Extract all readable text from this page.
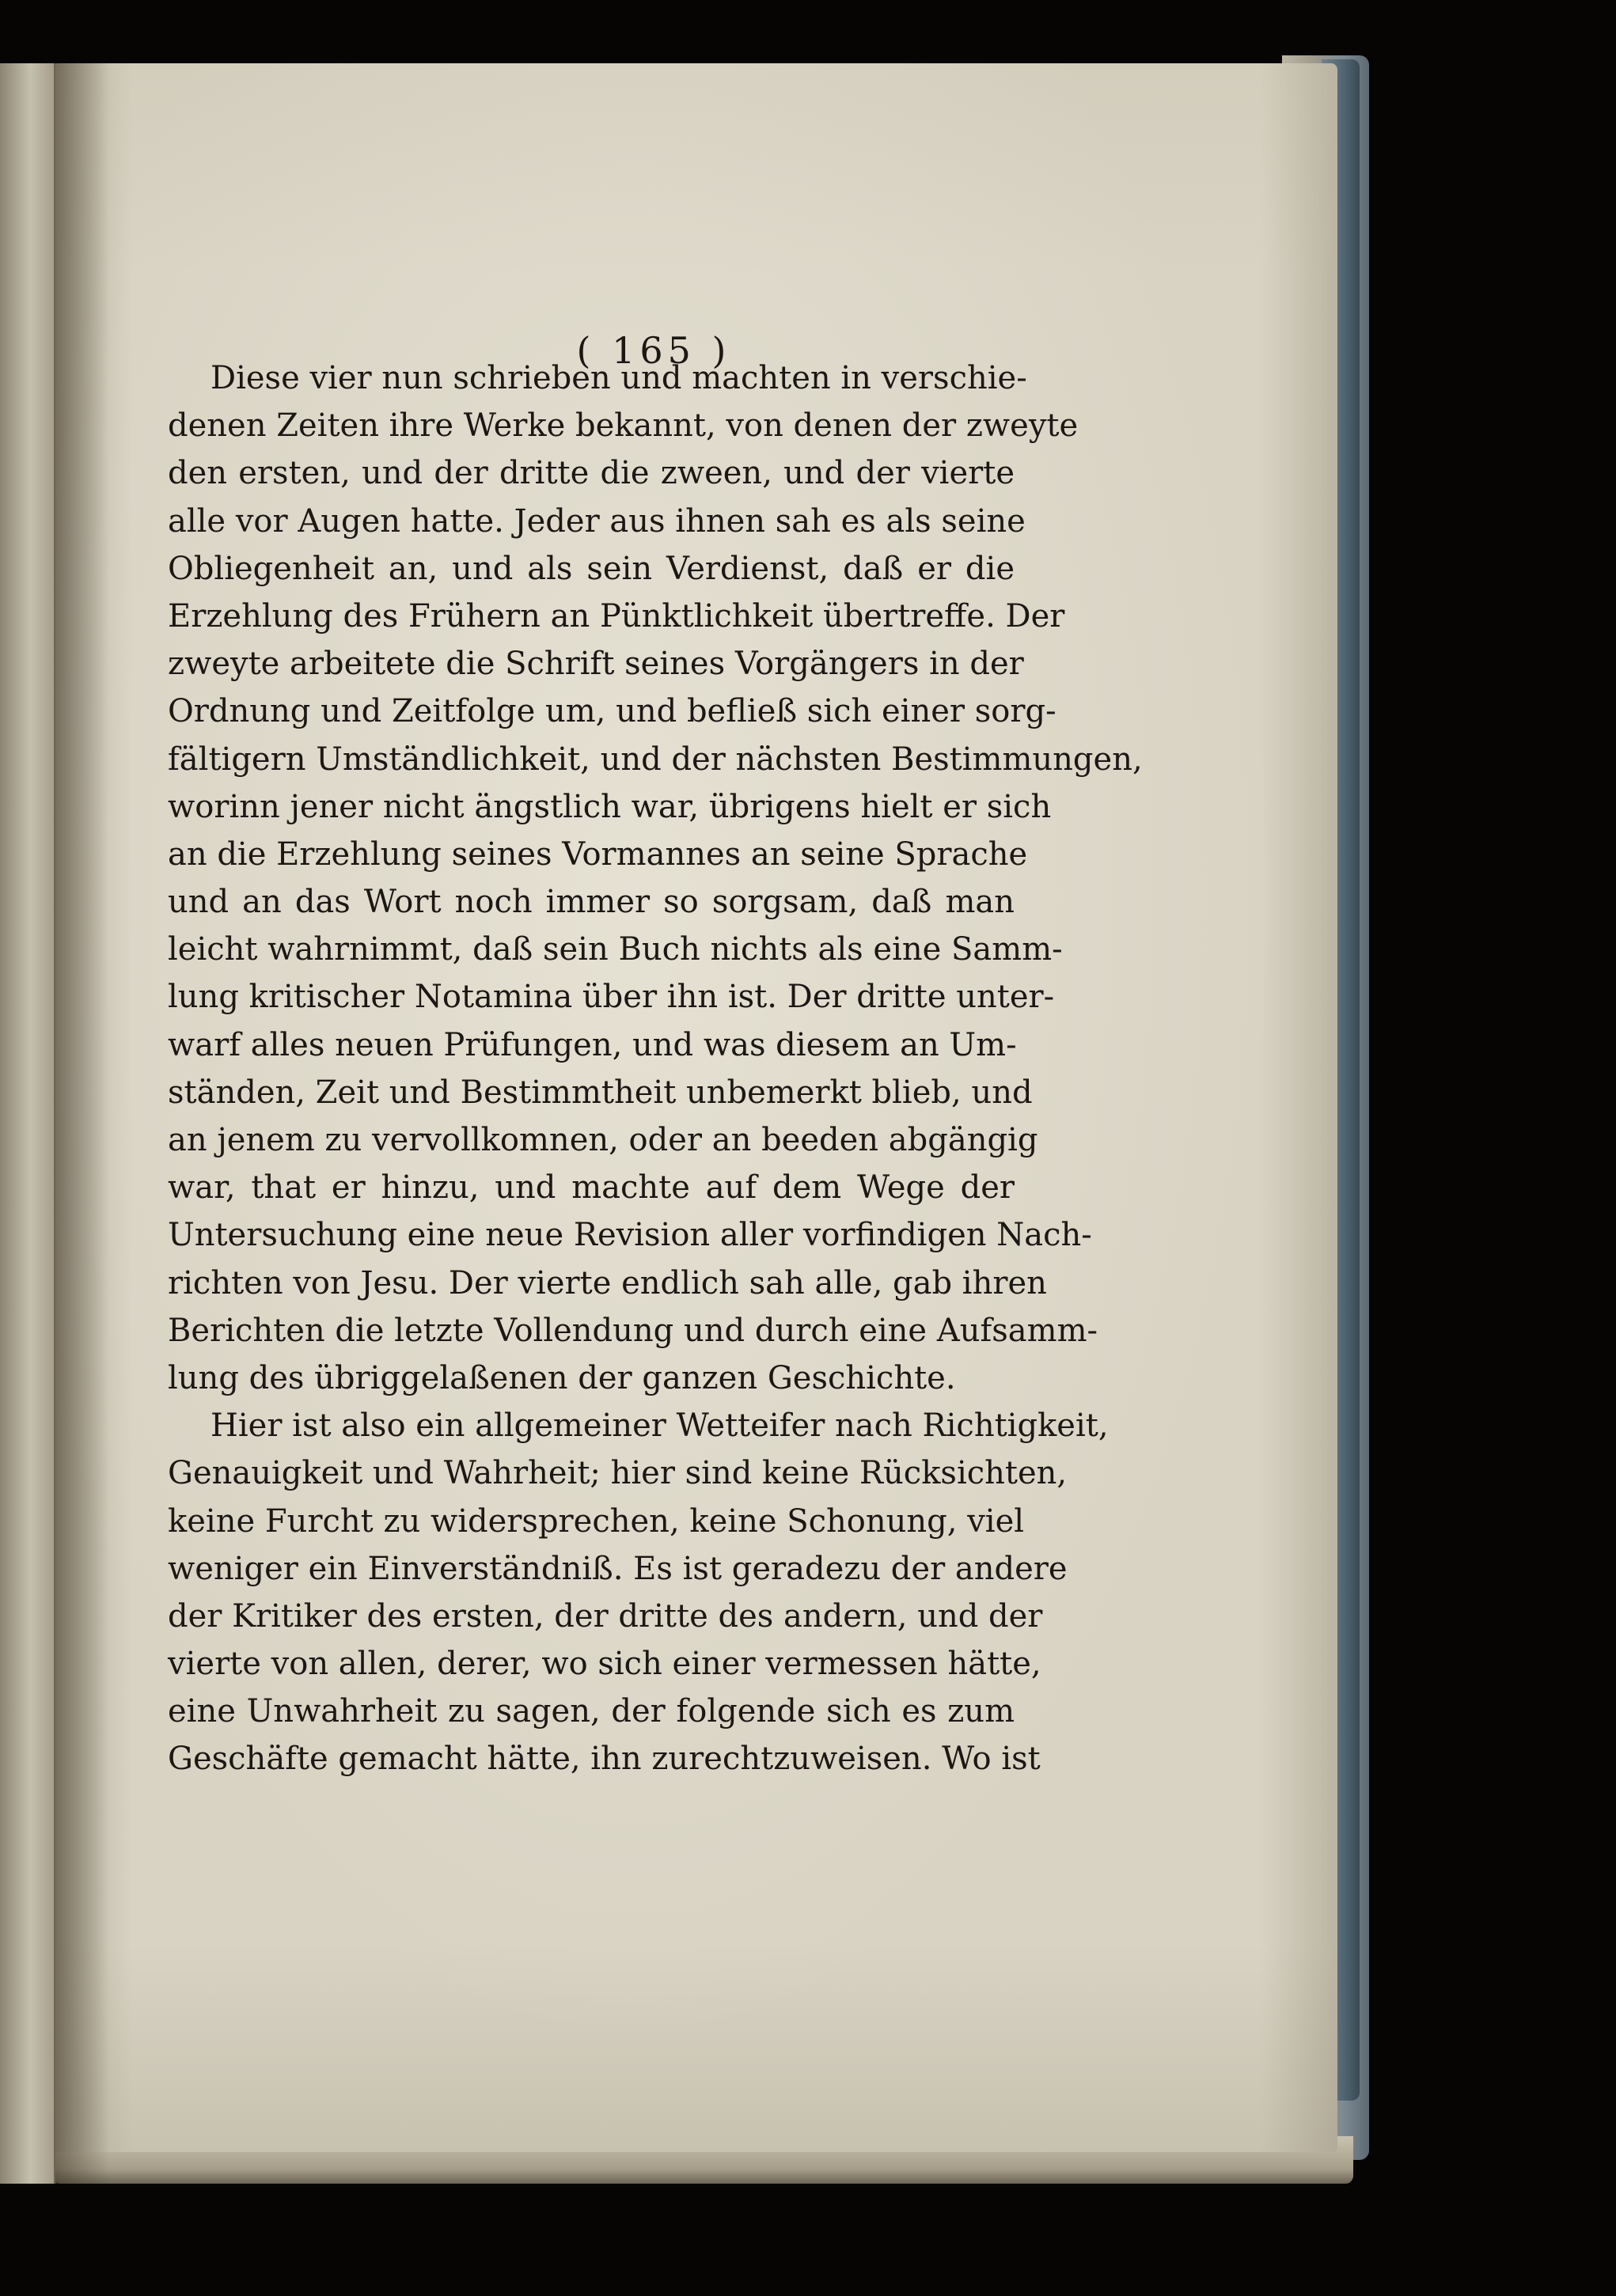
( 165 )
Diese vier nun schrieben und machten in verschie-
denen Zeiten ihre Werke bekannt, von denen der zweyte
den ersten, und der dritte die zween, und der vierte
alle vor Augen hatte. Jeder aus ihnen sah es als seine
Obliegenheit an, und als sein Verdienst, daß er die
Erzehlung des Frühern an Pünktlichkeit übertreffe. Der
zweyte arbeitete die Schrift seines Vorgängers in der
Ordnung und Zeitfolge um, und befließ sich einer sorg-
fältigern Umständlichkeit, und der nächsten Bestimmungen,
worinn jener nicht ängstlich war, übrigens hielt er sich
an die Erzehlung seines Vormannes an seine Sprache
und an das Wort noch immer so sorgsam, daß man
leicht wahrnimmt, daß sein Buch nichts als eine Samm-
lung kritischer Notamina über ihn ist. Der dritte unter-
warf alles neuen Prüfungen, und was diesem an Um-
ständen, Zeit und Bestimmtheit unbemerkt blieb, und
an jenem zu vervollkomnen, oder an beeden abgängig
war, that er hinzu, und machte auf dem Wege der
Untersuchung eine neue Revision aller vorfindigen Nach-
richten von Jesu. Der vierte endlich sah alle, gab ihren
Berichten die letzte Vollendung und durch eine Aufsamm-
lung des übriggelaßenen der ganzen Geschichte.
Hier ist also ein allgemeiner Wetteifer nach Richtigkeit,
Genauigkeit und Wahrheit; hier sind keine Rücksichten,
keine Furcht zu widersprechen, keine Schonung, viel
weniger ein Einverständniß. Es ist geradezu der andere
der Kritiker des ersten, der dritte des andern, und der
vierte von allen, derer, wo sich einer vermessen hätte,
eine Unwahrheit zu sagen, der folgende sich es zum
Geschäfte gemacht hätte, ihn zurechtzuweisen. Wo ist
